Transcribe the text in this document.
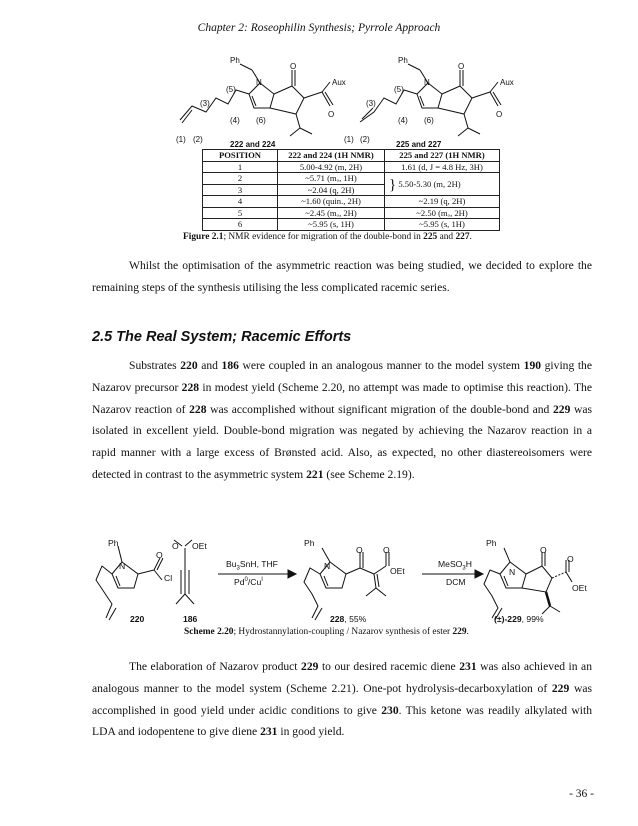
Chapter 2: Roseophilin Synthesis; Pyrrole Approach
Ph
N
O
Aux
O
(5)
(3)
(4) (6)
(1) (2)
222 and 224
Ph
N
O
Aux
O
(5)
(3)
(4) (6)
(1) (2)
225 and 227
POSITION	222 and 224 (1H NMR)	225 and 227 (1H NMR)
1	5.00-4.92 (m, 2H)	1.61 (d, J = 4.8 Hz, 3H)
2	~5.71 (mₒ, 1H)	} 5.50-5.30 (m, 2H)
3	~2.04 (q, 2H)	
4	~1.60 (quin., 2H)	~2.19 (q, 2H)
5	~2.45 (mₒ, 2H)	~2.50 (mₒ, 2H)
6	~5.95 (s, 1H)	~5.95 (s, 1H)
Figure 2.1; NMR evidence for migration of the double-bond in 225 and 227.
Whilst the optimisation of the asymmetric reaction was being studied, we decided to explore the remaining steps of the synthesis utilising the less complicated racemic series.
2.5 The Real System; Racemic Efforts
Substrates 220 and 186 were coupled in an analogous manner to the model system 190 giving the Nazarov precursor 228 in modest yield (Scheme 2.20, no attempt was made to optimise this reaction). The Nazarov reaction of 228 was accomplished without significant migration of the double-bond and 229 was isolated in excellent yield. Double-bond migration was negated by achieving the Nazarov reaction in a rapid manner with a large excess of Brønsted acid. Also, as expected, no other diastereoisomers were detected in contrast to the asymmetric system 221 (see Scheme 2.19).
Ph
N
O
Cl
O OEt
$Bu_3SnH$, THF
$Pd^0/Cu^I$
Ph
N
O O
OEt
MeSO$_3$H
DCM
Ph
N
O
O
OEt
220	186	228, 55%	(±)-229, 99%
Scheme 2.20; Hydrostannylation-coupling / Nazarov synthesis of ester 229.
The elaboration of Nazarov product 229 to our desired racemic diene 231 was also achieved in an analogous manner to the model system (Scheme 2.21). One-pot hydrolysis-decarboxylation of 229 was accomplished in good yield under acidic conditions to give 230. This ketone was readily alkylated with LDA and iodopentene to give diene 231 in good yield.
- 36 -
